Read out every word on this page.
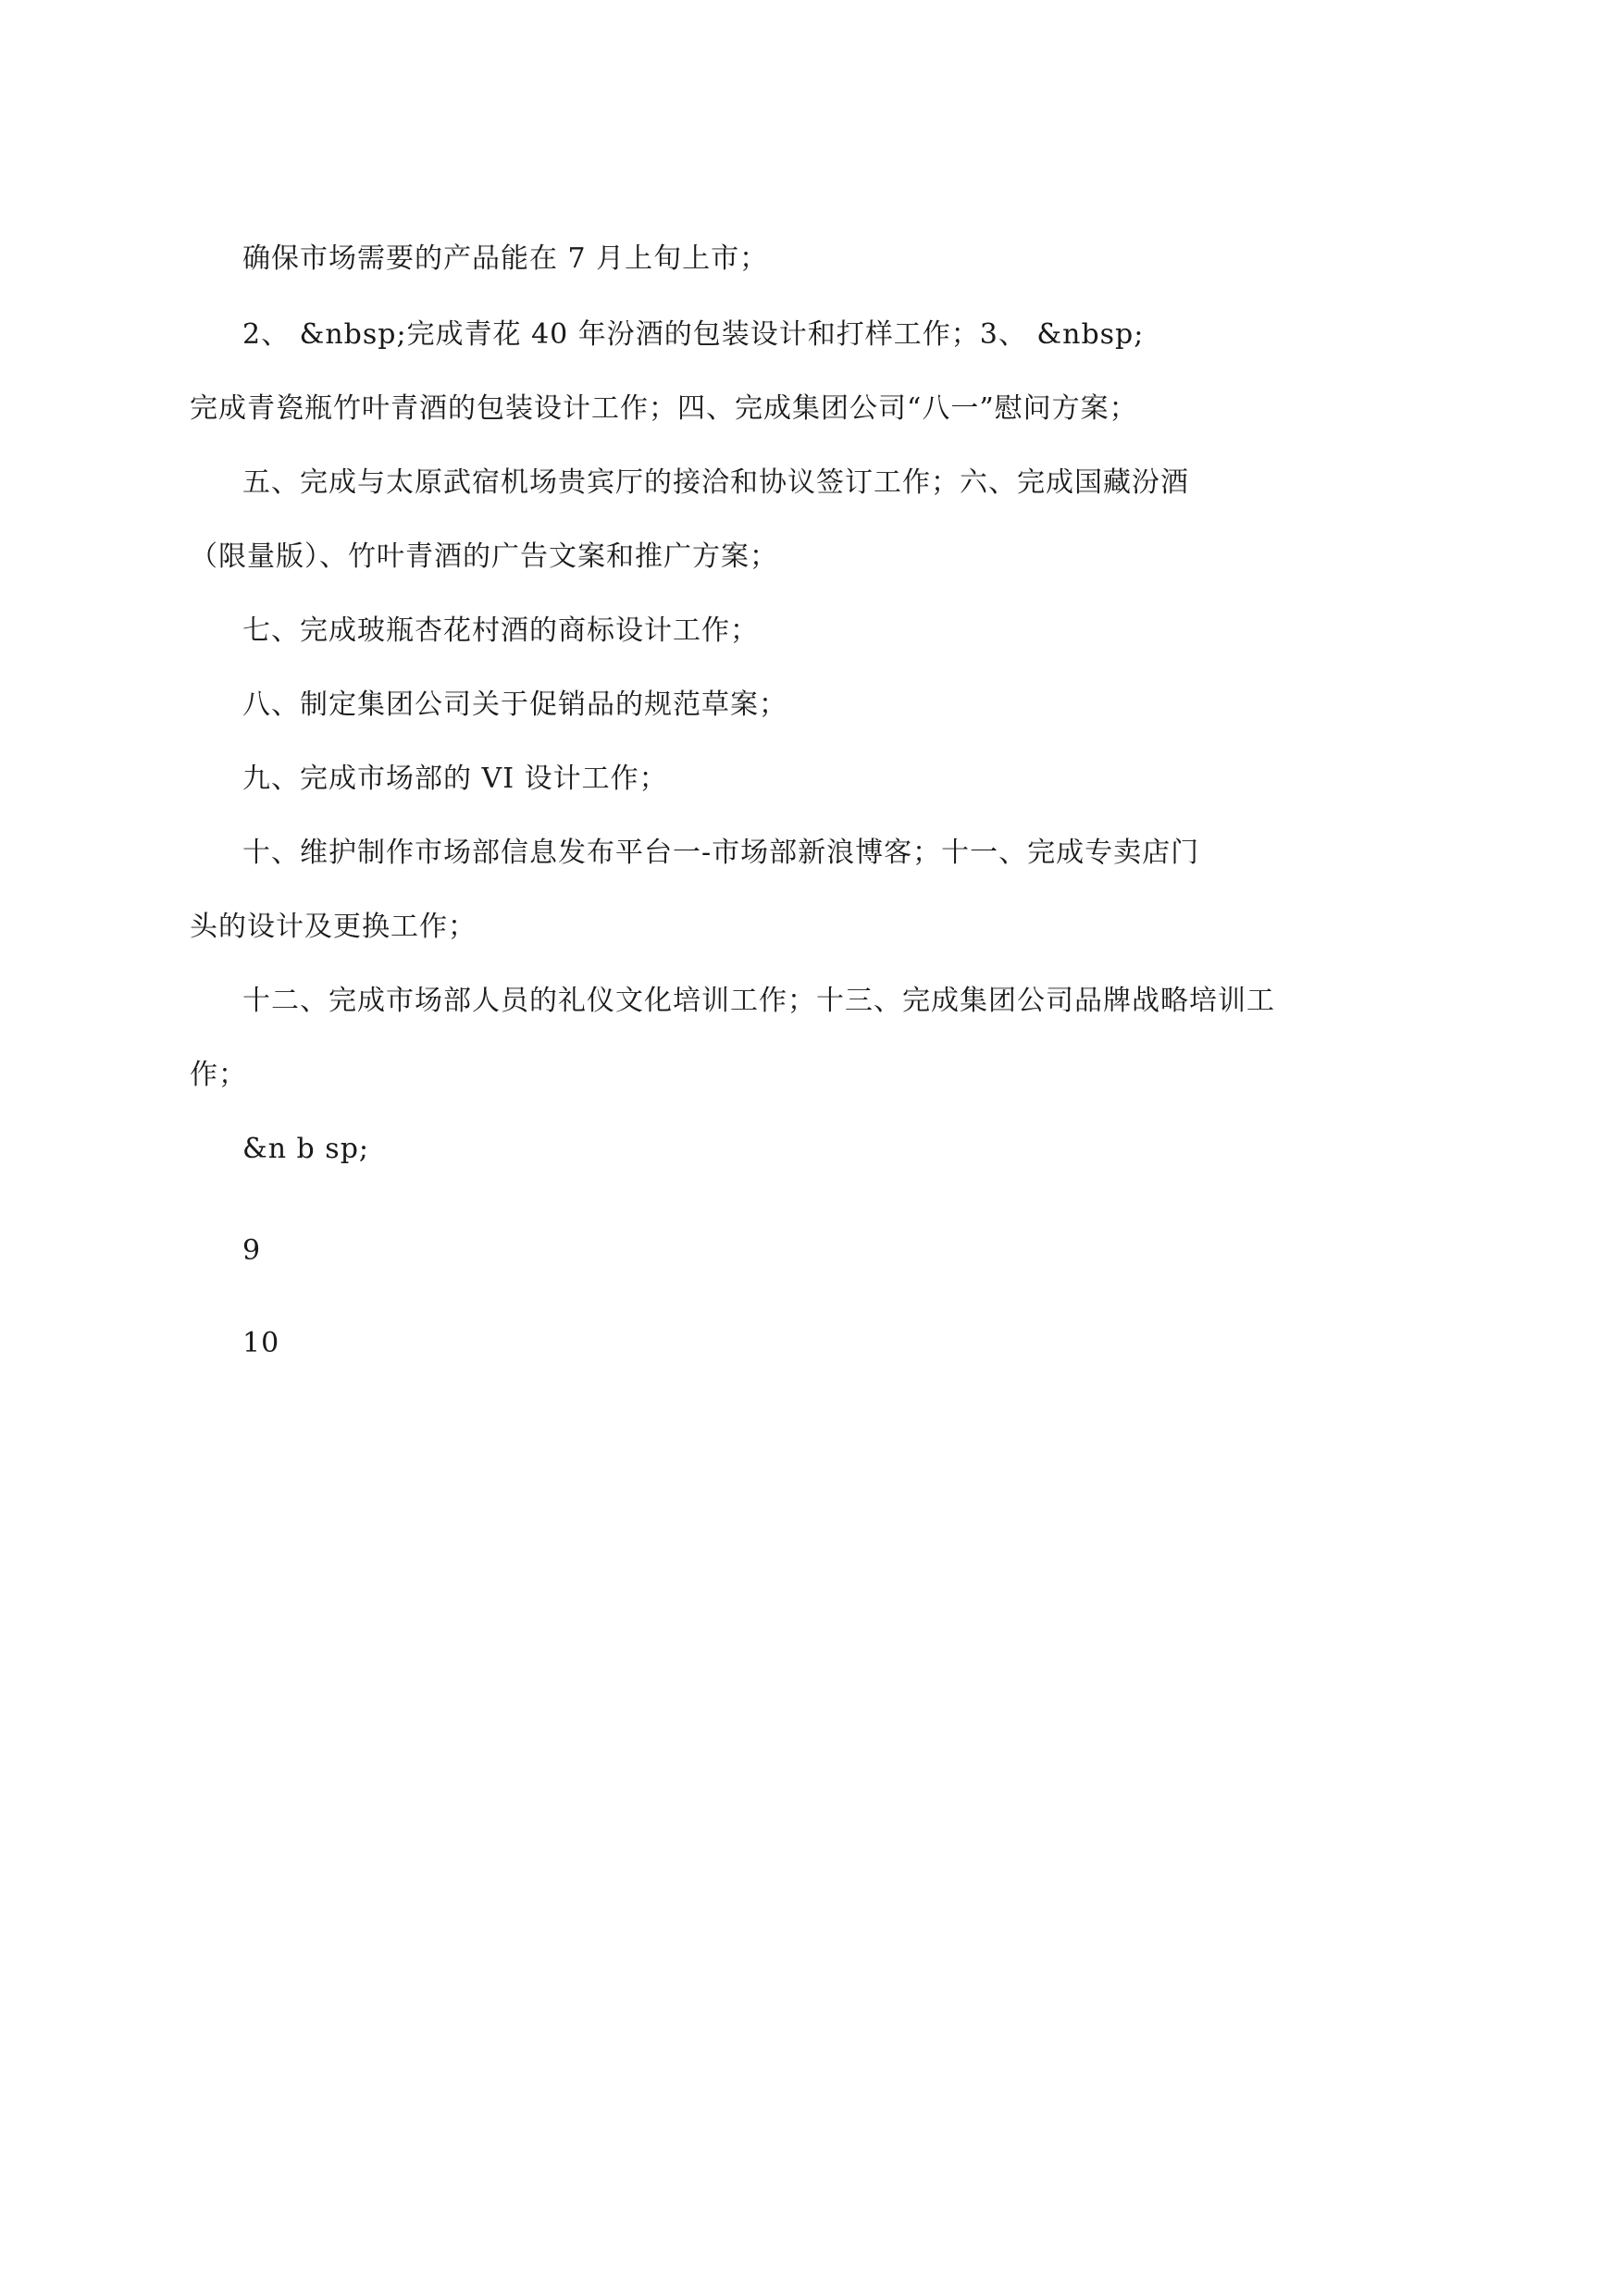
确保市场需要的产品能在 7 月上旬上市；
2、 &nbsp;完成青花 40 年汾酒的包装设计和打样工作；3、 &nbsp;
完成青瓷瓶竹叶青酒的包装设计工作；四、完成集团公司“八一”慰问方案；
五、完成与太原武宿机场贵宾厅的接洽和协议签订工作；六、完成国藏汾酒
（限量版）、竹叶青酒的广告文案和推广方案；
七、完成玻瓶杏花村酒的商标设计工作；
八、制定集团公司关于促销品的规范草案；
九、完成市场部的 VI 设计工作；
十、维护制作市场部信息发布平台一-市场部新浪博客；十一、完成专卖店门
头的设计及更换工作；
十二、完成市场部人员的礼仪文化培训工作；十三、完成集团公司品牌战略培训工
作；
&n b sp;
9
10
